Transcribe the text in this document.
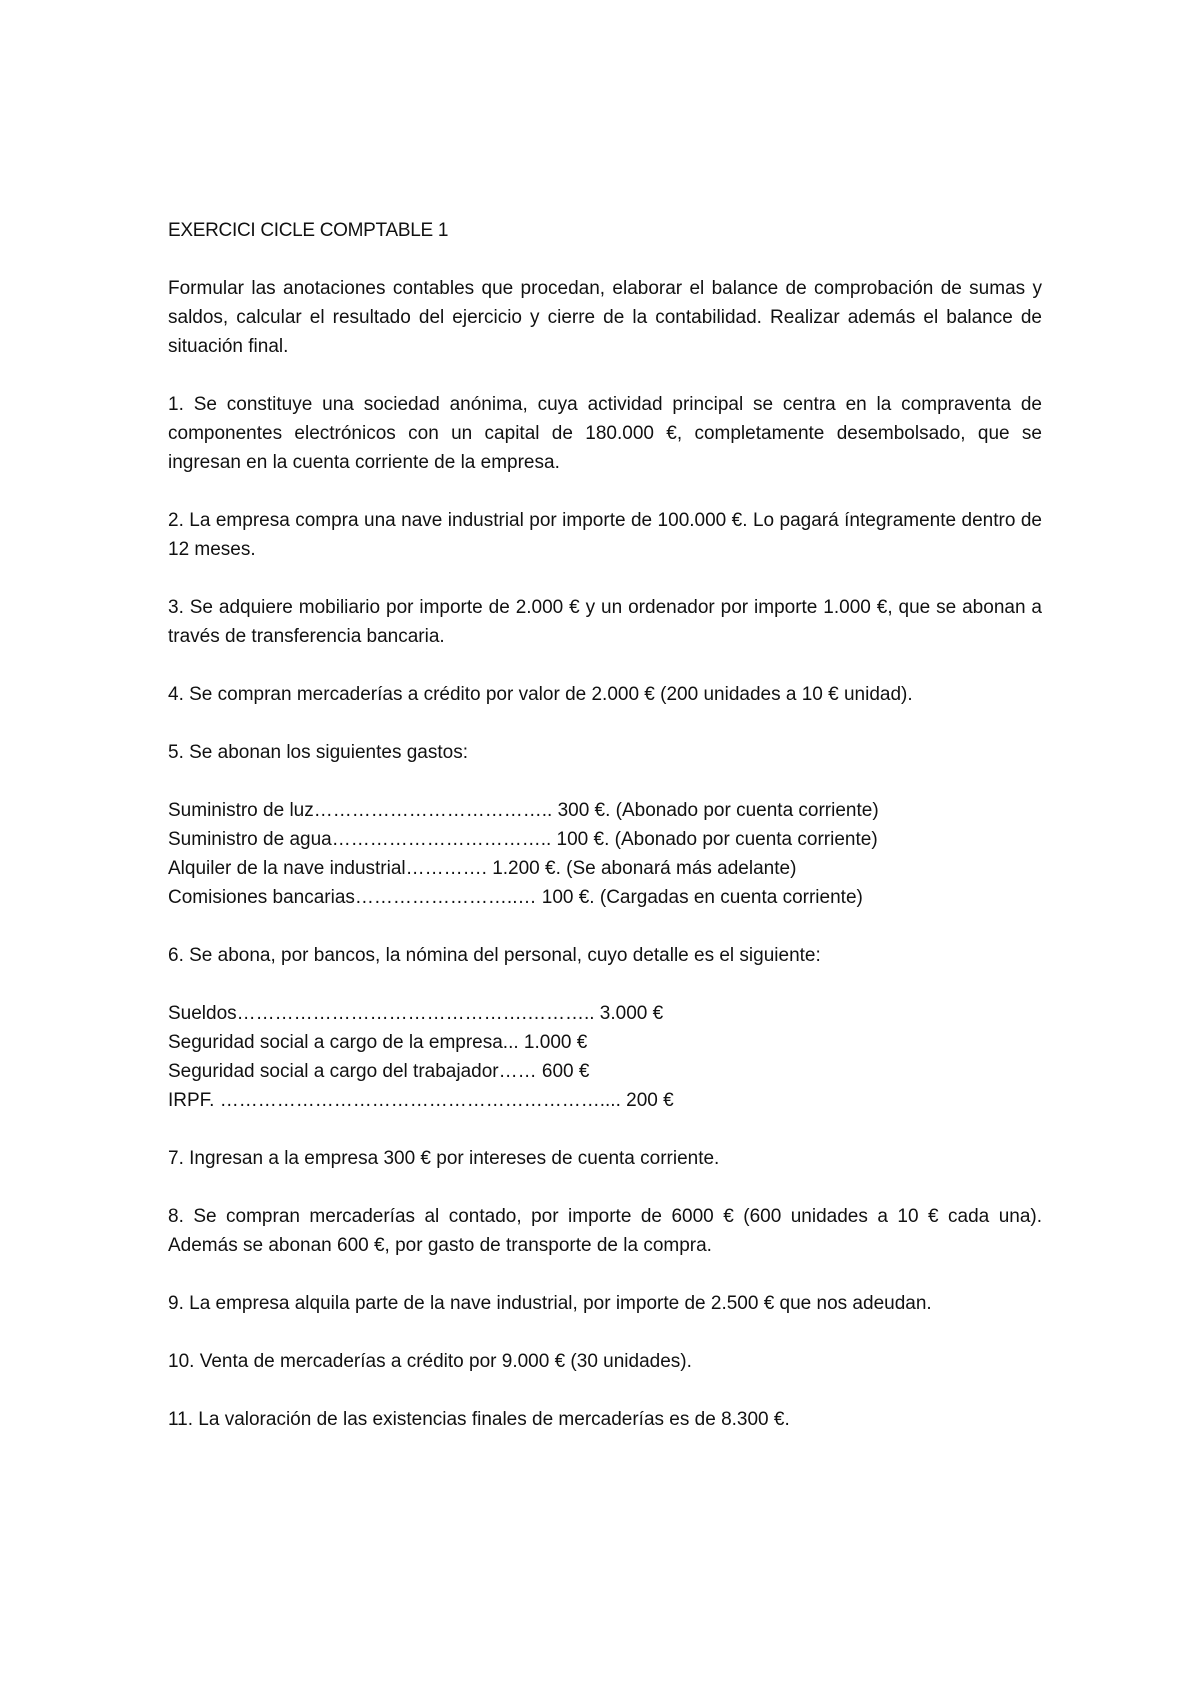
EXERCICI CICLE COMPTABLE 1

Formular las anotaciones contables que procedan, elaborar el balance de comprobación de sumas y saldos, calcular el resultado del ejercicio y cierre de la contabilidad. Realizar además el balance de situación final.

1. Se constituye una sociedad anónima, cuya actividad principal se centra en la compraventa de componentes electrónicos con un capital de 180.000 €, completamente desembolsado, que se ingresan en la cuenta corriente de la empresa.

2. La empresa compra una nave industrial por importe de 100.000 €. Lo pagará íntegramente dentro de 12 meses.

3. Se adquiere mobiliario por importe de 2.000 € y un ordenador por importe 1.000 €, que se abonan a través de transferencia bancaria.

4. Se compran mercaderías a crédito por valor de 2.000 € (200 unidades a 10 € unidad).

5. Se abonan los siguientes gastos:

Suministro de luz……………………………….. 300 €. (Abonado por cuenta corriente)

Suministro de agua…………………………….. 100 €. (Abonado por cuenta corriente)

Alquiler de la nave industrial…………. 1.200 €. (Se abonará más adelante)

Comisiones bancarias……………………..… 100 €. (Cargadas en cuenta corriente)

6. Se abona, por bancos, la nómina del personal, cuyo detalle es el siguiente:

Sueldos……………………………………….……….. 3.000 €

Seguridad social a cargo de la empresa... 1.000 €

Seguridad social a cargo del trabajador…… 600 €

IRPF. …………………………………………………….... 200 €

7. Ingresan a la empresa 300 € por intereses de cuenta corriente.

8. Se compran mercaderías al contado, por importe de 6000 € (600 unidades a 10 € cada una). Además se abonan 600 €, por gasto de transporte de la compra.

9. La empresa alquila parte de la nave industrial, por importe de 2.500 € que nos adeudan.

10. Venta de mercaderías a crédito por 9.000 € (30 unidades).

11. La valoración de las existencias finales de mercaderías es de 8.300 €.
